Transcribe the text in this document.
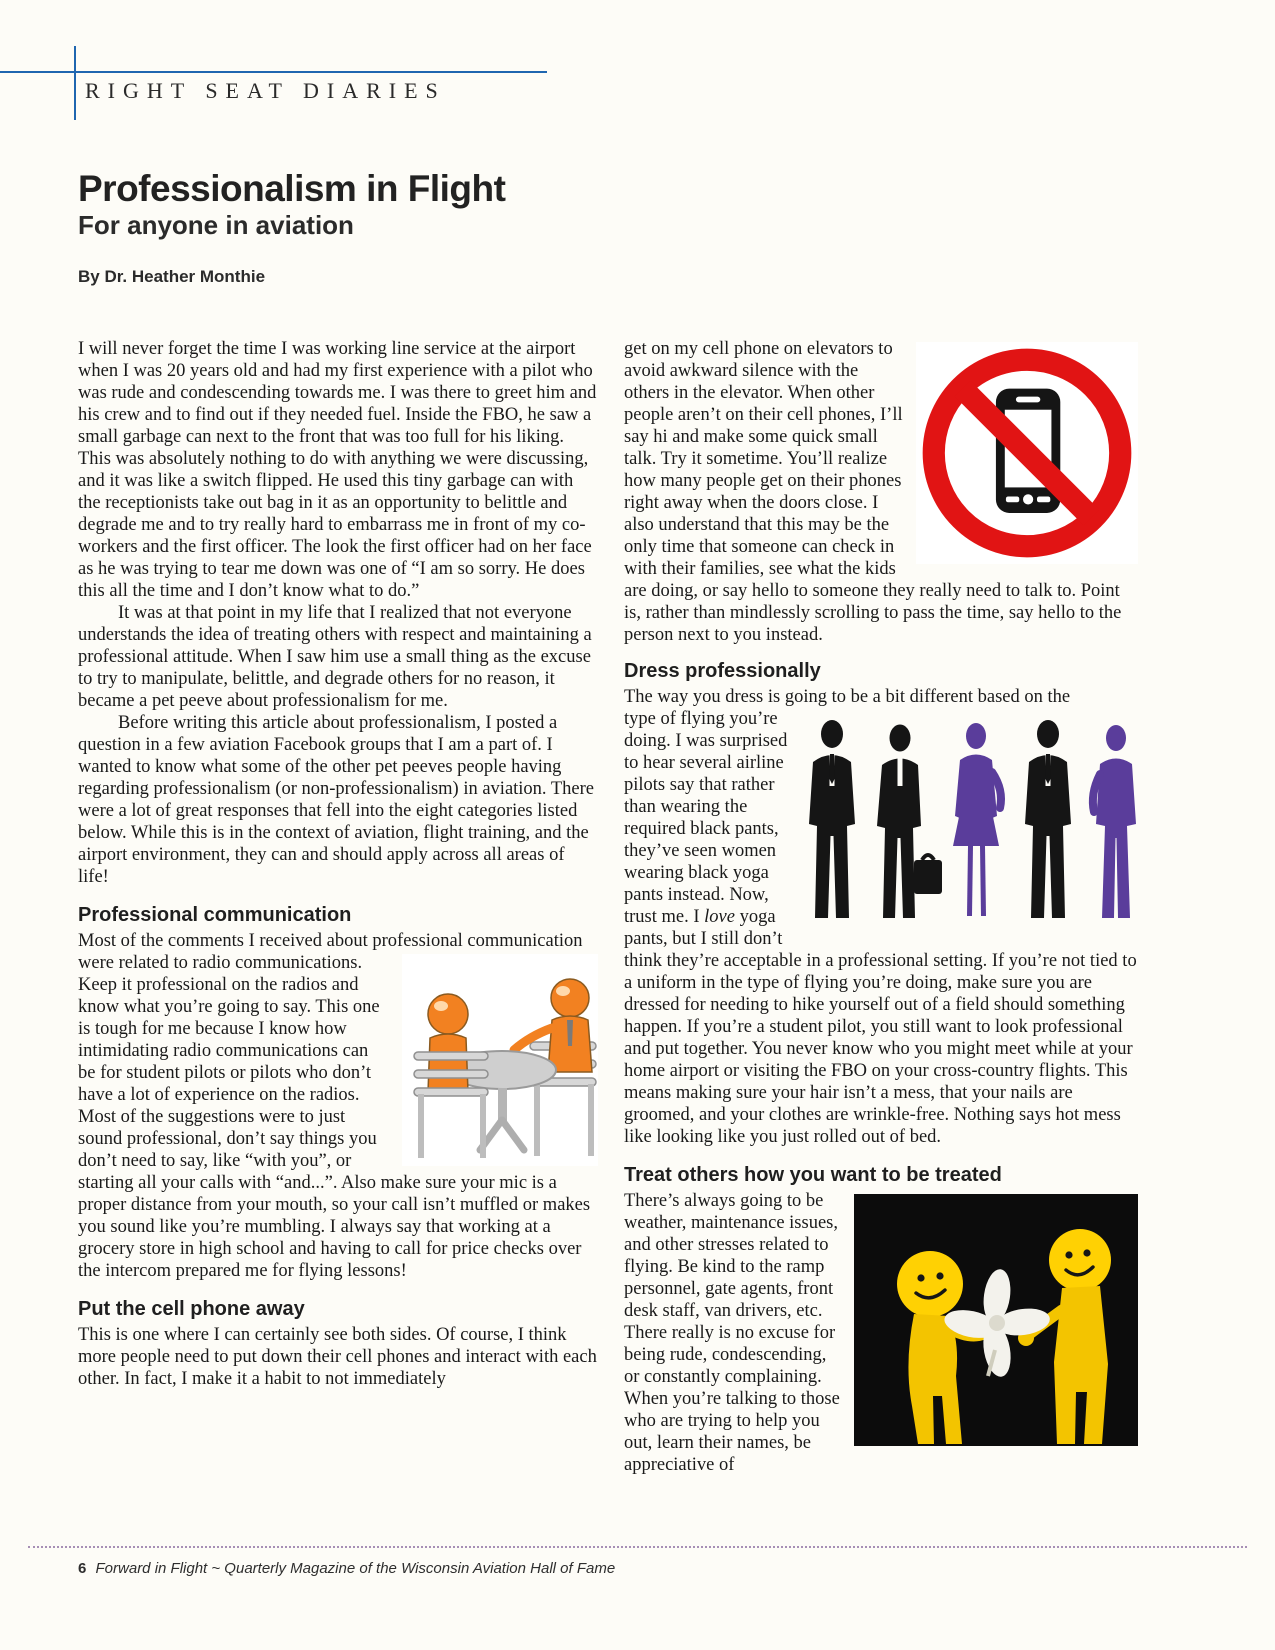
RIGHT SEAT DIARIES
Professionalism in Flight
For anyone in aviation
By Dr. Heather Monthie

I will never forget the time I was working line service at the airport when I was 20 years old and had my first experience with a pilot who was rude and condescending towards me. I was there to greet him and his crew and to find out if they needed fuel. Inside the FBO, he saw a small garbage can next to the front that was too full for his liking. This was absolutely nothing to do with anything we were discussing, and it was like a switch flipped. He used this tiny garbage can with the receptionists take out bag in it as an opportunity to belittle and degrade me and to try really hard to embarrass me in front of my co-workers and the first officer. The look the first officer had on her face as he was trying to tear me down was one of “I am so sorry. He does this all the time and I don’t know what to do.”

It was at that point in my life that I realized that not everyone understands the idea of treating others with respect and maintaining a professional attitude. When I saw him use a small thing as the excuse to try to manipulate, belittle, and degrade others for no reason, it became a pet peeve about professionalism for me.

Before writing this article about professionalism, I posted a question in a few aviation Facebook groups that I am a part of. I wanted to know what some of the other pet peeves people having regarding professionalism (or non-professionalism) in aviation. There were a lot of great responses that fell into the eight categories listed below. While this is in the context of aviation, flight training, and the airport environment, they can and should apply across all areas of life!

Professional communication

Most of the comments I received about professional communication

were related to radio communications. Keep it professional on the radios and know what you’re going to say. This one is tough for me because I know how intimidating radio communications can be for student pilots or pilots who don’t have a lot of experience on the radios. Most of the suggestions were to just sound professional, don’t say things you don’t need to say, like “with you”, or starting all your calls with “and...”. Also make sure your mic is a proper distance from your mouth, so your call isn’t muffled or makes you sound like you’re mumbling. I always say that working at a grocery store in high school and having to call for price checks over the intercom prepared me for flying lessons!

Put the cell phone away

This is one where I can certainly see both sides. Of course, I think more people need to put down their cell phones and interact with each other. In fact, I make it a habit to not immediately

get on my cell phone on elevators to avoid awkward silence with the others in the elevator. When other people aren’t on their cell phones, I’ll say hi and make some quick small talk. Try it sometime. You’ll realize how many people get on their phones right away when the doors close. I also understand that this may be the only time that someone can check in with their families, see what the kids are doing, or say hello to someone they really need to talk to. Point is, rather than mindlessly scrolling to pass the time, say hello to the person next to you instead.

Dress professionally

The way you dress is going to be a bit different based on the

type of flying you’re doing. I was surprised to hear several airline pilots say that rather than wearing the required black pants, they’ve seen women wearing black yoga pants instead. Now, trust me. I love yoga pants, but I still don’t think they’re acceptable in a professional setting. If you’re not tied to a uniform in the type of flying you’re doing, make sure you are dressed for needing to hike yourself out of a field should something happen. If you’re a student pilot, you still want to look professional and put together. You never know who you might meet while at your home airport or visiting the FBO on your cross-country flights. This means making sure your hair isn’t a mess, that your nails are groomed, and your clothes are wrinkle-free. Nothing says hot mess like looking like you just rolled out of bed.

Treat others how you want to be treated

There’s always going to be weather, maintenance issues, and other stresses related to flying. Be kind to the ramp personnel, gate agents, front desk staff, van drivers, etc. There really is no excuse for being rude, condescending, or constantly complaining. When you’re talking to those who are trying to help you out, learn their names, be appreciative of

6 Forward in Flight ~ Quarterly Magazine of the Wisconsin Aviation Hall of Fame
